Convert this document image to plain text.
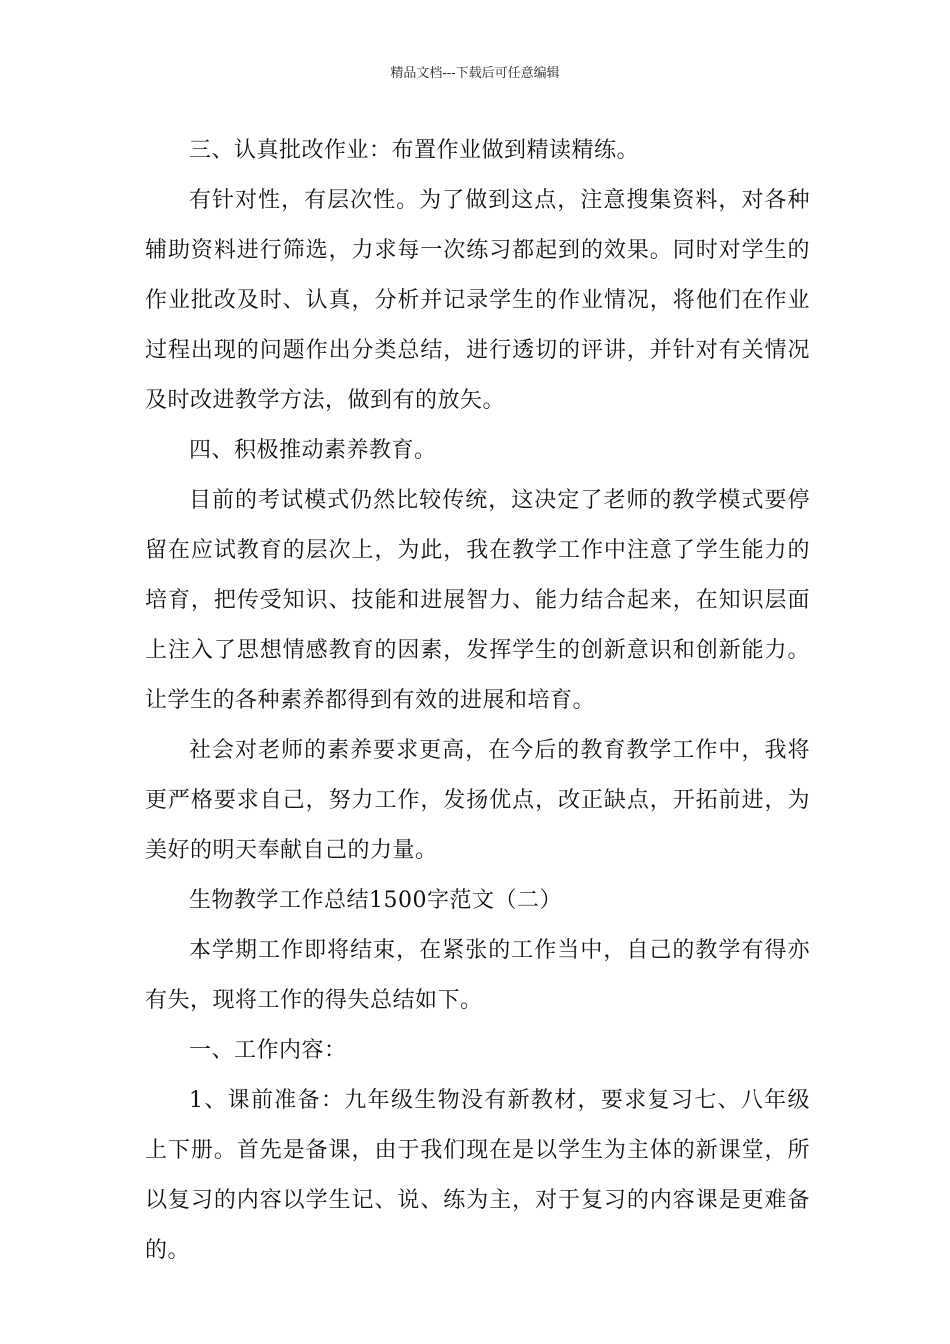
精品文档---下载后可任意编辑

三、认真批改作业：布置作业做到精读精练。

有针对性，有层次性。为了做到这点，注意搜集资料，对各种辅助资料进行筛选，力求每一次练习都起到的效果。同时对学生的作业批改及时、认真，分析并记录学生的作业情况，将他们在作业过程出现的问题作出分类总结，进行透切的评讲，并针对有关情况及时改进教学方法，做到有的放矢。

四、积极推动素养教育。

目前的考试模式仍然比较传统，这决定了老师的教学模式要停留在应试教育的层次上，为此，我在教学工作中注意了学生能力的培育，把传受知识、技能和进展智力、能力结合起来，在知识层面上注入了思想情感教育的因素，发挥学生的创新意识和创新能力。让学生的各种素养都得到有效的进展和培育。

社会对老师的素养要求更高，在今后的教育教学工作中，我将更严格要求自己，努力工作，发扬优点，改正缺点，开拓前进，为美好的明天奉献自己的力量。

生物教学工作总结1500字范文（二）

本学期工作即将结束，在紧张的工作当中，自己的教学有得亦有失，现将工作的得失总结如下。

一、工作内容：

1、课前准备：九年级生物没有新教材，要求复习七、八年级上下册。首先是备课，由于我们现在是以学生为主体的新课堂，所以复习的内容以学生记、说、练为主，对于复习的内容课是更难备的。
